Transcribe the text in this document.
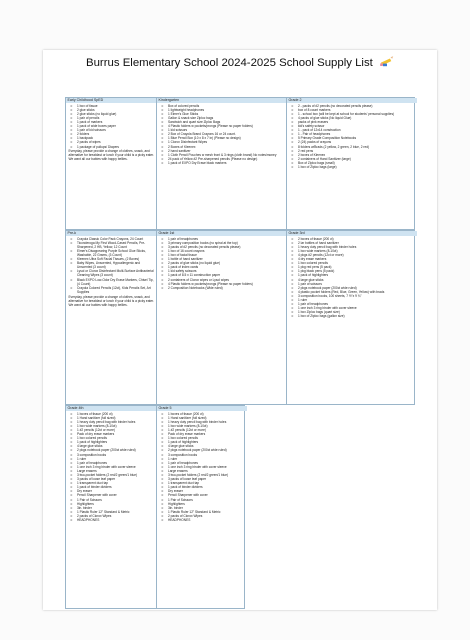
Burrus Elementary School 2024-2025 School Supply List
Early Childhood SpED
o 1 box of tissue
o 2 glue sticks
o 2 glue sticks (no liquid glue)
o 1 pair of pencils
o 1 pack of markers
o 1 pack of wide boxes paper
o 1 pair of kid scissors
o 2 folders
o 1 backpack
o 2 packs of wipes
o 1 package of pullups/ Diapers
Everyday, please provide a change of clothes, snack, and alternative for breakfast or lunch if your child is a picky eater. We want all our babies with happy bellies.
Kindergarten
o Box of colored pencils
o 1 lightweight headphones
o 1 Elmer's Glue Sticks
o Gallon & snack size Ziploc bags
o Sandwich and quart size Ziploc Bags
o 4 Plastic folders w pockets/prongs (Please no paper folders)
o 1 kid scissors
o 2 Box of Crayola Brand Crayons 16 or 24 count.
o 1 Blue Pencil Box (10 x 8 x 7 in) (Please no design)
o 1 Clorox Disinfectant Wipes
o 2 Boxes of Kleenex
o 2 hand sanitizer
o 1 Cloth Pencil Pouches w mesh front & 3 rings (cloth brand) No notes/money
o 24 pack of Yellow #2 Pre-sharpened pencils (Please no design)
o 1 pack of EXPO Dry Erase black markers
Grade 2
o 2 - packs of #2 pencils (no decorated pencils please)
o box of 8 count markers
o 1 - school box (will be kept at school for students' personal supplies)
o 4 packs of glue sticks (No liquid Glue)
o packs of pink erasers
o kid's safety scissor
o 1 - pack of 12x14 construction
o 1 - Pair of headphones
o 5 Primary Grade Composition Notebooks
o 2 (24) packs of crayons
o 8 folders w/Brads (2 yellow, 2 green, 2 blue, 2 red)
o 2 red pens
o 2 boxes of Kleenex
o 2 containers of Hand Sanitizer (large)
o Box of Ziploc bags (small)
o 1 box of Ziploc bags (large)
Pre-k
o Crayola Classic Color Pack Crayons, 24 Count
o Ticonderoga My First Wood-Cased Pencils, Pre-Sharpened, 2 HB, Yellow, 12 Count
o Elmer's Disappearing Purple School Glue Sticks, Washable, 22 Grams, (3 Count)
o Kleenex Ultra Soft Facial Tissues, (2 Boxes)
o Baby Wipes, Unscented, Hypoallergenic and Unscented (3 count)
o Lysol or Clorox Disinfectant Multi-Surface Antibacterial Cleaning Wipes (3 count)
o Black EXPO Low-Odor Dry Erase Markers, Chisel Tip, (4 Count)
o Crayola Colored Pencils (12ct), Kids Pencils Set, Art Supplies
Everyday, please provide a change of clothes, snack, and alternative for breakfast or lunch if your child is a picky eater. We want all our babies with happy bellies.
Grade 1st
o 1 pair of headphones
o 3 primary composition books (no spiral at the top)
o 3 packs of #2 pencils (no decorated pencils please)
o 1 box of 16 count crayons
o 1 box of facial tissue
o 1 bottle of hand sanitizer
o 2 packs of glue sticks (no liquid glue)
o 1 pack of index cards
o 1 kid safety scissors
o 1 pack of 8.5 x 11 construction paper
o 2 containers of Clorox wipes or Lysol wipes
o 4 Plastic folders w pockets/prongs (Please no paper folders)
o 2 Composition Notebooks (Wide ruled)
Grade 3rd
o 2 boxes of tissue (200 ct)
o 2 lar bottles of hand sanitizer
o 1 heavy duty pencil bag with binder holes
o 1 box wide markers (8-10ct)
o 4 pkgs #2 pencils (12ct or more)
o 4 dry erase markers
o 1 box colored pencils
o 1 pkg red pens (5 pack)
o 1 pkg black pens (5 pack)
o 1 pack of highlighters
o 4 large glue sticks
o 1 pair of scissors
o 2 pkgs notebook paper (200ct wide ruled)
o 4 plastic pocket folders (Red, Blue, Green, Yellow) with brads
o 3 composition books, 100 sheets, 7 ½"x 9 ¾"
o 1 ruler
o 1 pair of headphones
o 1 one inch 3 ring binder with cover sleeve
o 1 box Ziploc bags (quart size)
o 1 box of Ziploc bags (gallon size)
Grade 4th
o 1 boxes of tissue (200 ct)
o 1 Hand sanitizer (full sized)
o 1 heavy duty pencil bag with binder holes
o 1 box wide markers (8-10ct)
o 1 #2 pencils (12ct or more)
o Pack of dry erase markers
o 1 box colored pencils
o 1 pack of highlighters
o 4 large glue sticks
o 2 pkgs notebook paper (200ct wide ruled)
o 3 composition books
o 1 ruler
o 1 pair of headphones
o 1 one inch 3 ring binder with cover sleeve
o Large erasers
o 3 two-pocket folders (2 red/2 green/1 blue)
o 3 packs of loose leaf paper
o 1 transparent duct tap
o 1 pack of binder dividers
o Dry eraser
o Pencil Sharpener with cover
o 1 Pair of Scissors
o Highlighters
o 3in. binder
o 1 Plastic Ruler 12" Standard & Metric
o 2 packs of Clorox Wipes
o HEADPHONES
Grade 5
o 1 boxes of tissue (200 ct)
o 1 Hand sanitizer (full sized)
o 1 heavy duty pencil bag with binder holes
o 1 box wide markers (8-10ct)
o 1 #2 pencils (12ct or more)
o Pack of dry erase markers
o 1 box colored pencils
o 1 pack of highlighters
o 4 large glue sticks
o 2 pkgs notebook paper (200ct wide ruled)
o 3 composition books
o 1 ruler
o 1 pair of headphones
o 1 one inch 3 ring binder with cover sleeve
o Large erasers
o 3 two-pocket folders (2 red/2 green/1 blue)
o 3 packs of loose leaf paper
o 1 transparent duct tap
o 1 pack of binder dividers
o Dry eraser
o Pencil Sharpener with cover
o 1 Pair of Scissors
o Highlighters
o 3in. binder
o 1 Plastic Ruler 12" Standard & Metric
o 2 packs of Clorox Wipes
o HEADPHONES
